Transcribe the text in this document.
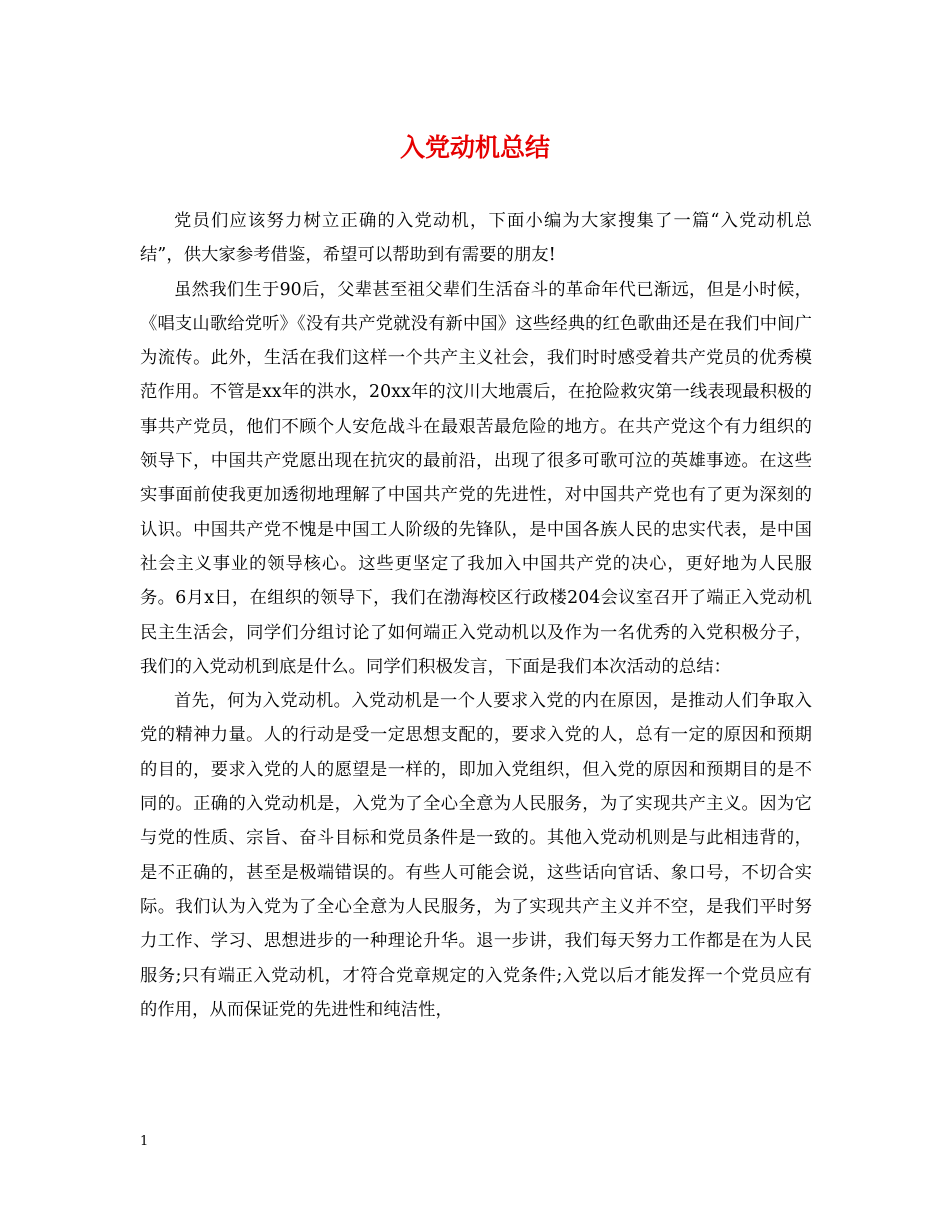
入党动机总结

党员们应该努力树立正确的入党动机，下面小编为大家搜集了一篇“入党动机总结”，供大家参考借鉴，希望可以帮助到有需要的朋友!

虽然我们生于90后，父辈甚至祖父辈们生活奋斗的革命年代已渐远，但是小时候，《唱支山歌给党听》《没有共产党就没有新中国》这些经典的红色歌曲还是在我们中间广为流传。此外，生活在我们这样一个共产主义社会，我们时时感受着共产党员的优秀模范作用。不管是xx年的洪水，20xx年的汶川大地震后，在抢险救灾第一线表现最积极的事共产党员，他们不顾个人安危战斗在最艰苦最危险的地方。在共产党这个有力组织的领导下，中国共产党愿出现在抗灾的最前沿，出现了很多可歌可泣的英雄事迹。在这些实事面前使我更加透彻地理解了中国共产党的先进性，对中国共产党也有了更为深刻的认识。中国共产党不愧是中国工人阶级的先锋队，是中国各族人民的忠实代表，是中国社会主义事业的领导核心。这些更坚定了我加入中国共产党的决心，更好地为人民服务。6月x日，在组织的领导下，我们在渤海校区行政楼204会议室召开了端正入党动机民主生活会，同学们分组讨论了如何端正入党动机以及作为一名优秀的入党积极分子，我们的入党动机到底是什么。同学们积极发言，下面是我们本次活动的总结：

首先，何为入党动机。入党动机是一个人要求入党的内在原因，是推动人们争取入党的精神力量。人的行动是受一定思想支配的，要求入党的人，总有一定的原因和预期的目的，要求入党的人的愿望是一样的，即加入党组织，但入党的原因和预期目的是不同的。正确的入党动机是，入党为了全心全意为人民服务，为了实现共产主义。因为它与党的性质、宗旨、奋斗目标和党员条件是一致的。其他入党动机则是与此相违背的，是不正确的，甚至是极端错误的。有些人可能会说，这些话向官话、象口号，不切合实际。我们认为入党为了全心全意为人民服务，为了实现共产主义并不空，是我们平时努力工作、学习、思想进步的一种理论升华。退一步讲，我们每天努力工作都是在为人民服务;只有端正入党动机，才符合党章规定的入党条件;入党以后才能发挥一个党员应有的作用，从而保证党的先进性和纯洁性，

1
